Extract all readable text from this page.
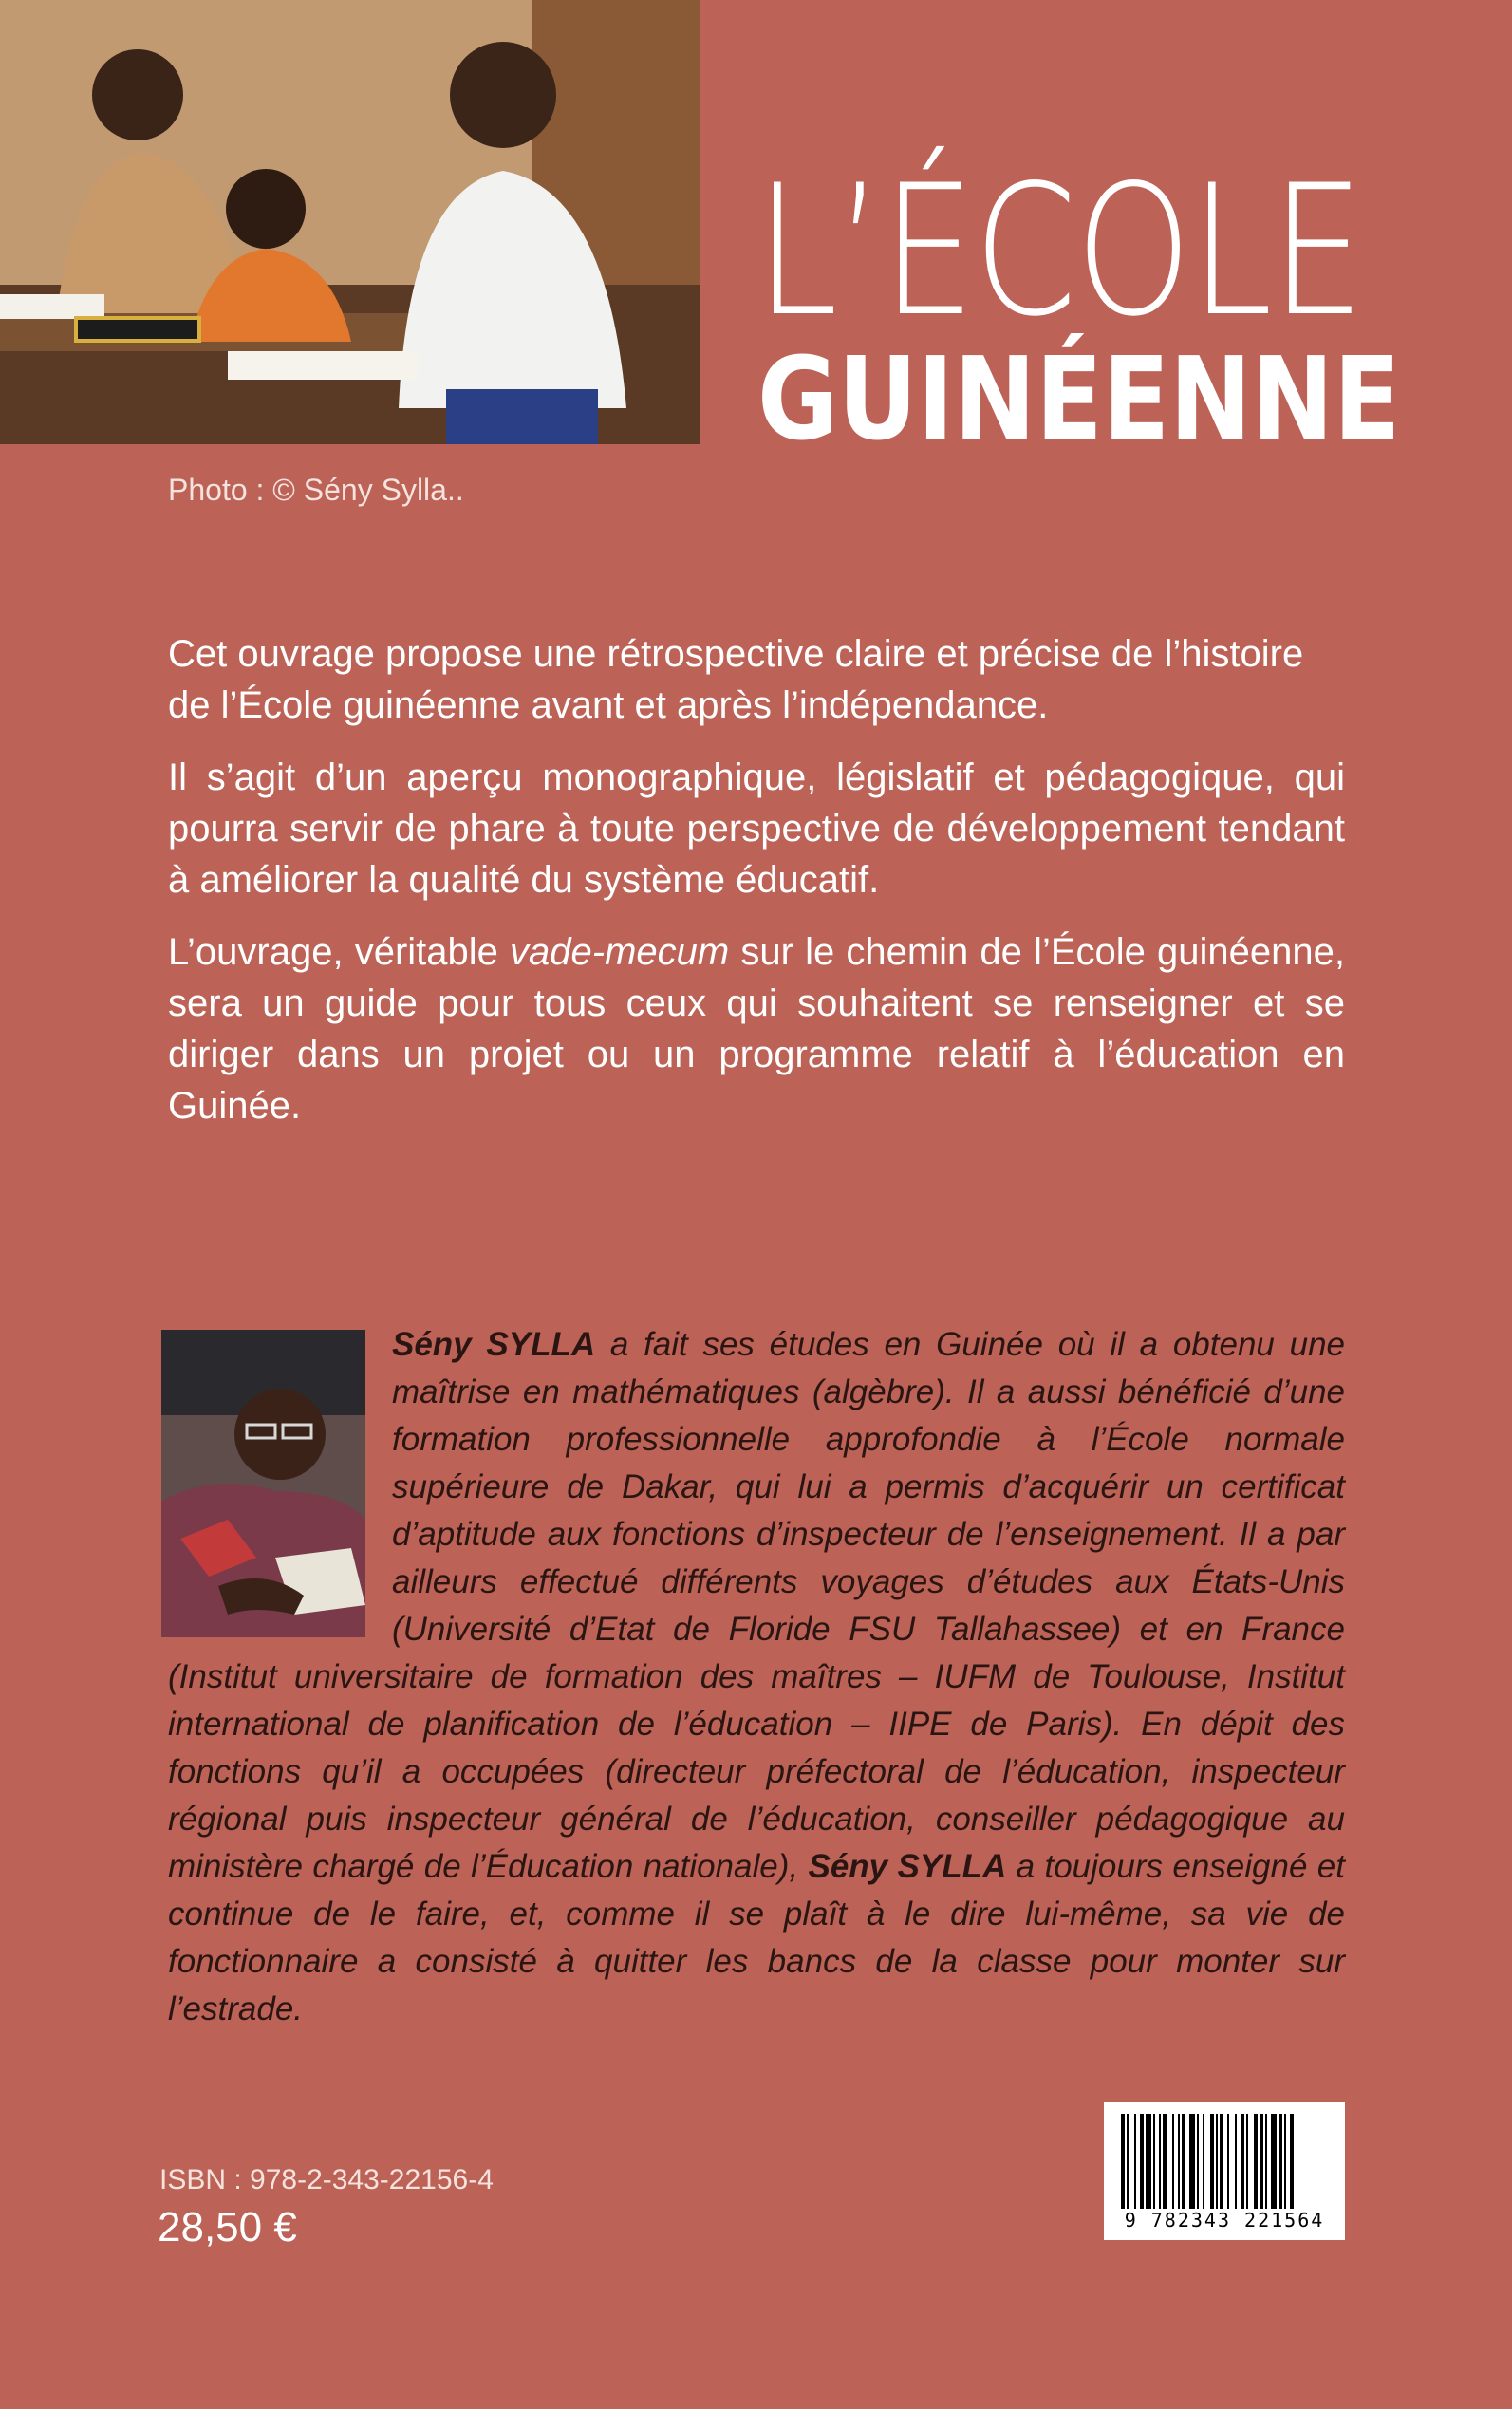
Photo : © Sény Sylla..
L’ÉCOLE
GUINÉENNE

Cet ouvrage propose une rétrospective claire et précise de l’histoire de l’École guinéenne avant et après l’indépendance.

Il s’agit d’un aperçu monographique, législatif et pédagogique, qui pourra servir de phare à toute perspective de développement tendant à améliorer la qualité du système éducatif.

L’ouvrage, véritable vade-mecum sur le chemin de l’École guinéenne, sera un guide pour tous ceux qui souhaitent se renseigner et se diriger dans un projet ou un programme relatif à l’éducation en Guinée.

Sény SYLLA a fait ses études en Guinée où il a obtenu une maîtrise en mathématiques (algèbre). Il a aussi bénéficié d’une formation professionnelle approfondie à l’École normale supérieure de Dakar, qui lui a permis d’acquérir un certificat d’aptitude aux fonctions d’inspecteur de l’enseignement. Il a par ailleurs effectué différents voyages d’études aux États-Unis (Université d’Etat de Floride FSU Tallahassee) et en France (Institut universitaire de formation des maîtres – IUFM de Toulouse, Institut international de planification de l’éducation – IIPE de Paris). En dépit des fonctions qu’il a occupées (directeur préfectoral de l’éducation, inspecteur régional puis inspecteur général de l’éducation, conseiller pédagogique au ministère chargé de l’Éducation nationale), Sény SYLLA a toujours enseigné et continue de le faire, et, comme il se plaît à le dire lui-même, sa vie de fonctionnaire a consisté à quitter les bancs de la classe pour monter sur l’estrade.
ISBN : 978-2-343-22156-4
28,50 €	9 782343 221564
